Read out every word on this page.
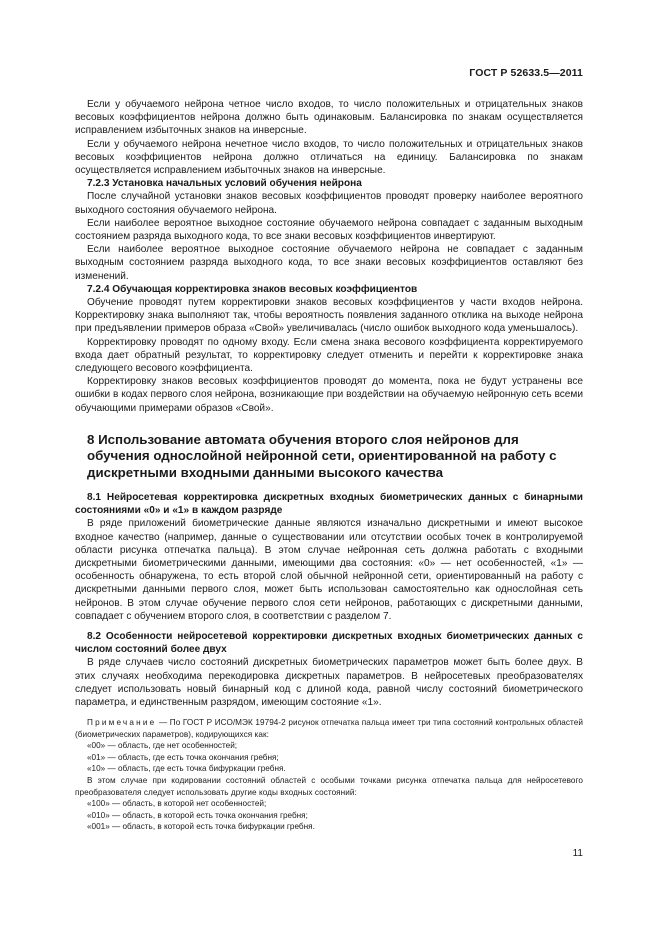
ГОСТ Р 52633.5—2011

Если у обучаемого нейрона четное число входов, то число положительных и отрицательных знаков весовых коэффициентов нейрона должно быть одинаковым. Балансировка по знакам осуществляется исправлением избыточных знаков на инверсные.

Если у обучаемого нейрона нечетное число входов, то число положительных и отрицательных знаков весовых коэффициентов нейрона должно отличаться на единицу. Балансировка по знакам осуществляется исправлением избыточных знаков на инверсные.

7.2.3 Установка начальных условий обучения нейрона

После случайной установки знаков весовых коэффициентов проводят проверку наиболее вероятного выходного состояния обучаемого нейрона.

Если наиболее вероятное выходное состояние обучаемого нейрона совпадает с заданным выходным состоянием разряда выходного кода, то все знаки весовых коэффициентов инвертируют.

Если наиболее вероятное выходное состояние обучаемого нейрона не совпадает с заданным выходным состоянием разряда выходного кода, то все знаки весовых коэффициентов оставляют без изменений.

7.2.4 Обучающая корректировка знаков весовых коэффициентов

Обучение проводят путем корректировки знаков весовых коэффициентов у части входов нейрона. Корректировку знака выполняют так, чтобы вероятность появления заданного отклика на выходе нейрона при предъявлении примеров образа «Свой» увеличивалась (число ошибок выходного кода уменьшалось).

Корректировку проводят по одному входу. Если смена знака весового коэффициента корректируемого входа дает обратный результат, то корректировку следует отменить и перейти к корректировке знака следующего весового коэффициента.

Корректировку знаков весовых коэффициентов проводят до момента, пока не будут устранены все ошибки в кодах первого слоя нейрона, возникающие при воздействии на обучаемую нейронную сеть всеми обучающими примерами образов «Свой».

8 Использование автомата обучения второго слоя нейронов для обучения однослойной нейронной сети, ориентированной на работу с дискретными входными данными высокого качества

8.1 Нейросетевая корректировка дискретных входных биометрических данных с бинарными состояниями «0» и «1» в каждом разряде

В ряде приложений биометрические данные являются изначально дискретными и имеют высокое входное качество (например, данные о существовании или отсутствии особых точек в контролируемой области рисунка отпечатка пальца). В этом случае нейронная сеть должна работать с входными дискретными биометрическими данными, имеющими два состояния: «0» — нет особенностей, «1» — особенность обнаружена, то есть второй слой обычной нейронной сети, ориентированный на работу с дискретными данными первого слоя, может быть использован самостоятельно как однослойная сеть нейронов. В этом случае обучение первого слоя сети нейронов, работающих с дискретными данными, совпадает с обучением второго слоя, в соответствии с разделом 7.

8.2 Особенности нейросетевой корректировки дискретных входных биометрических данных с числом состояний более двух

В ряде случаев число состояний дискретных биометрических параметров может быть более двух. В этих случаях необходима перекодировка дискретных параметров. В нейросетевых преобразователях следует использовать новый бинарный код с длиной кода, равной числу состояний биометрического параметра, и единственным разрядом, имеющим состояние «1».

Примечание — По ГОСТ Р ИСО/МЭК 19794-2 рисунок отпечатка пальца имеет три типа состояний контрольных областей (биометрических параметров), кодирующихся как:

«00» — область, где нет особенностей;

«01» — область, где есть точка окончания гребня;

«10» — область, где есть точка бифуркации гребня.

В этом случае при кодировании состояний областей с особыми точками рисунка отпечатка пальца для нейросетевого преобразователя следует использовать другие коды входных состояний:

«100» — область, в которой нет особенностей;

«010» — область, в которой есть точка окончания гребня;

«001» — область, в которой есть точка бифуркации гребня.

11
